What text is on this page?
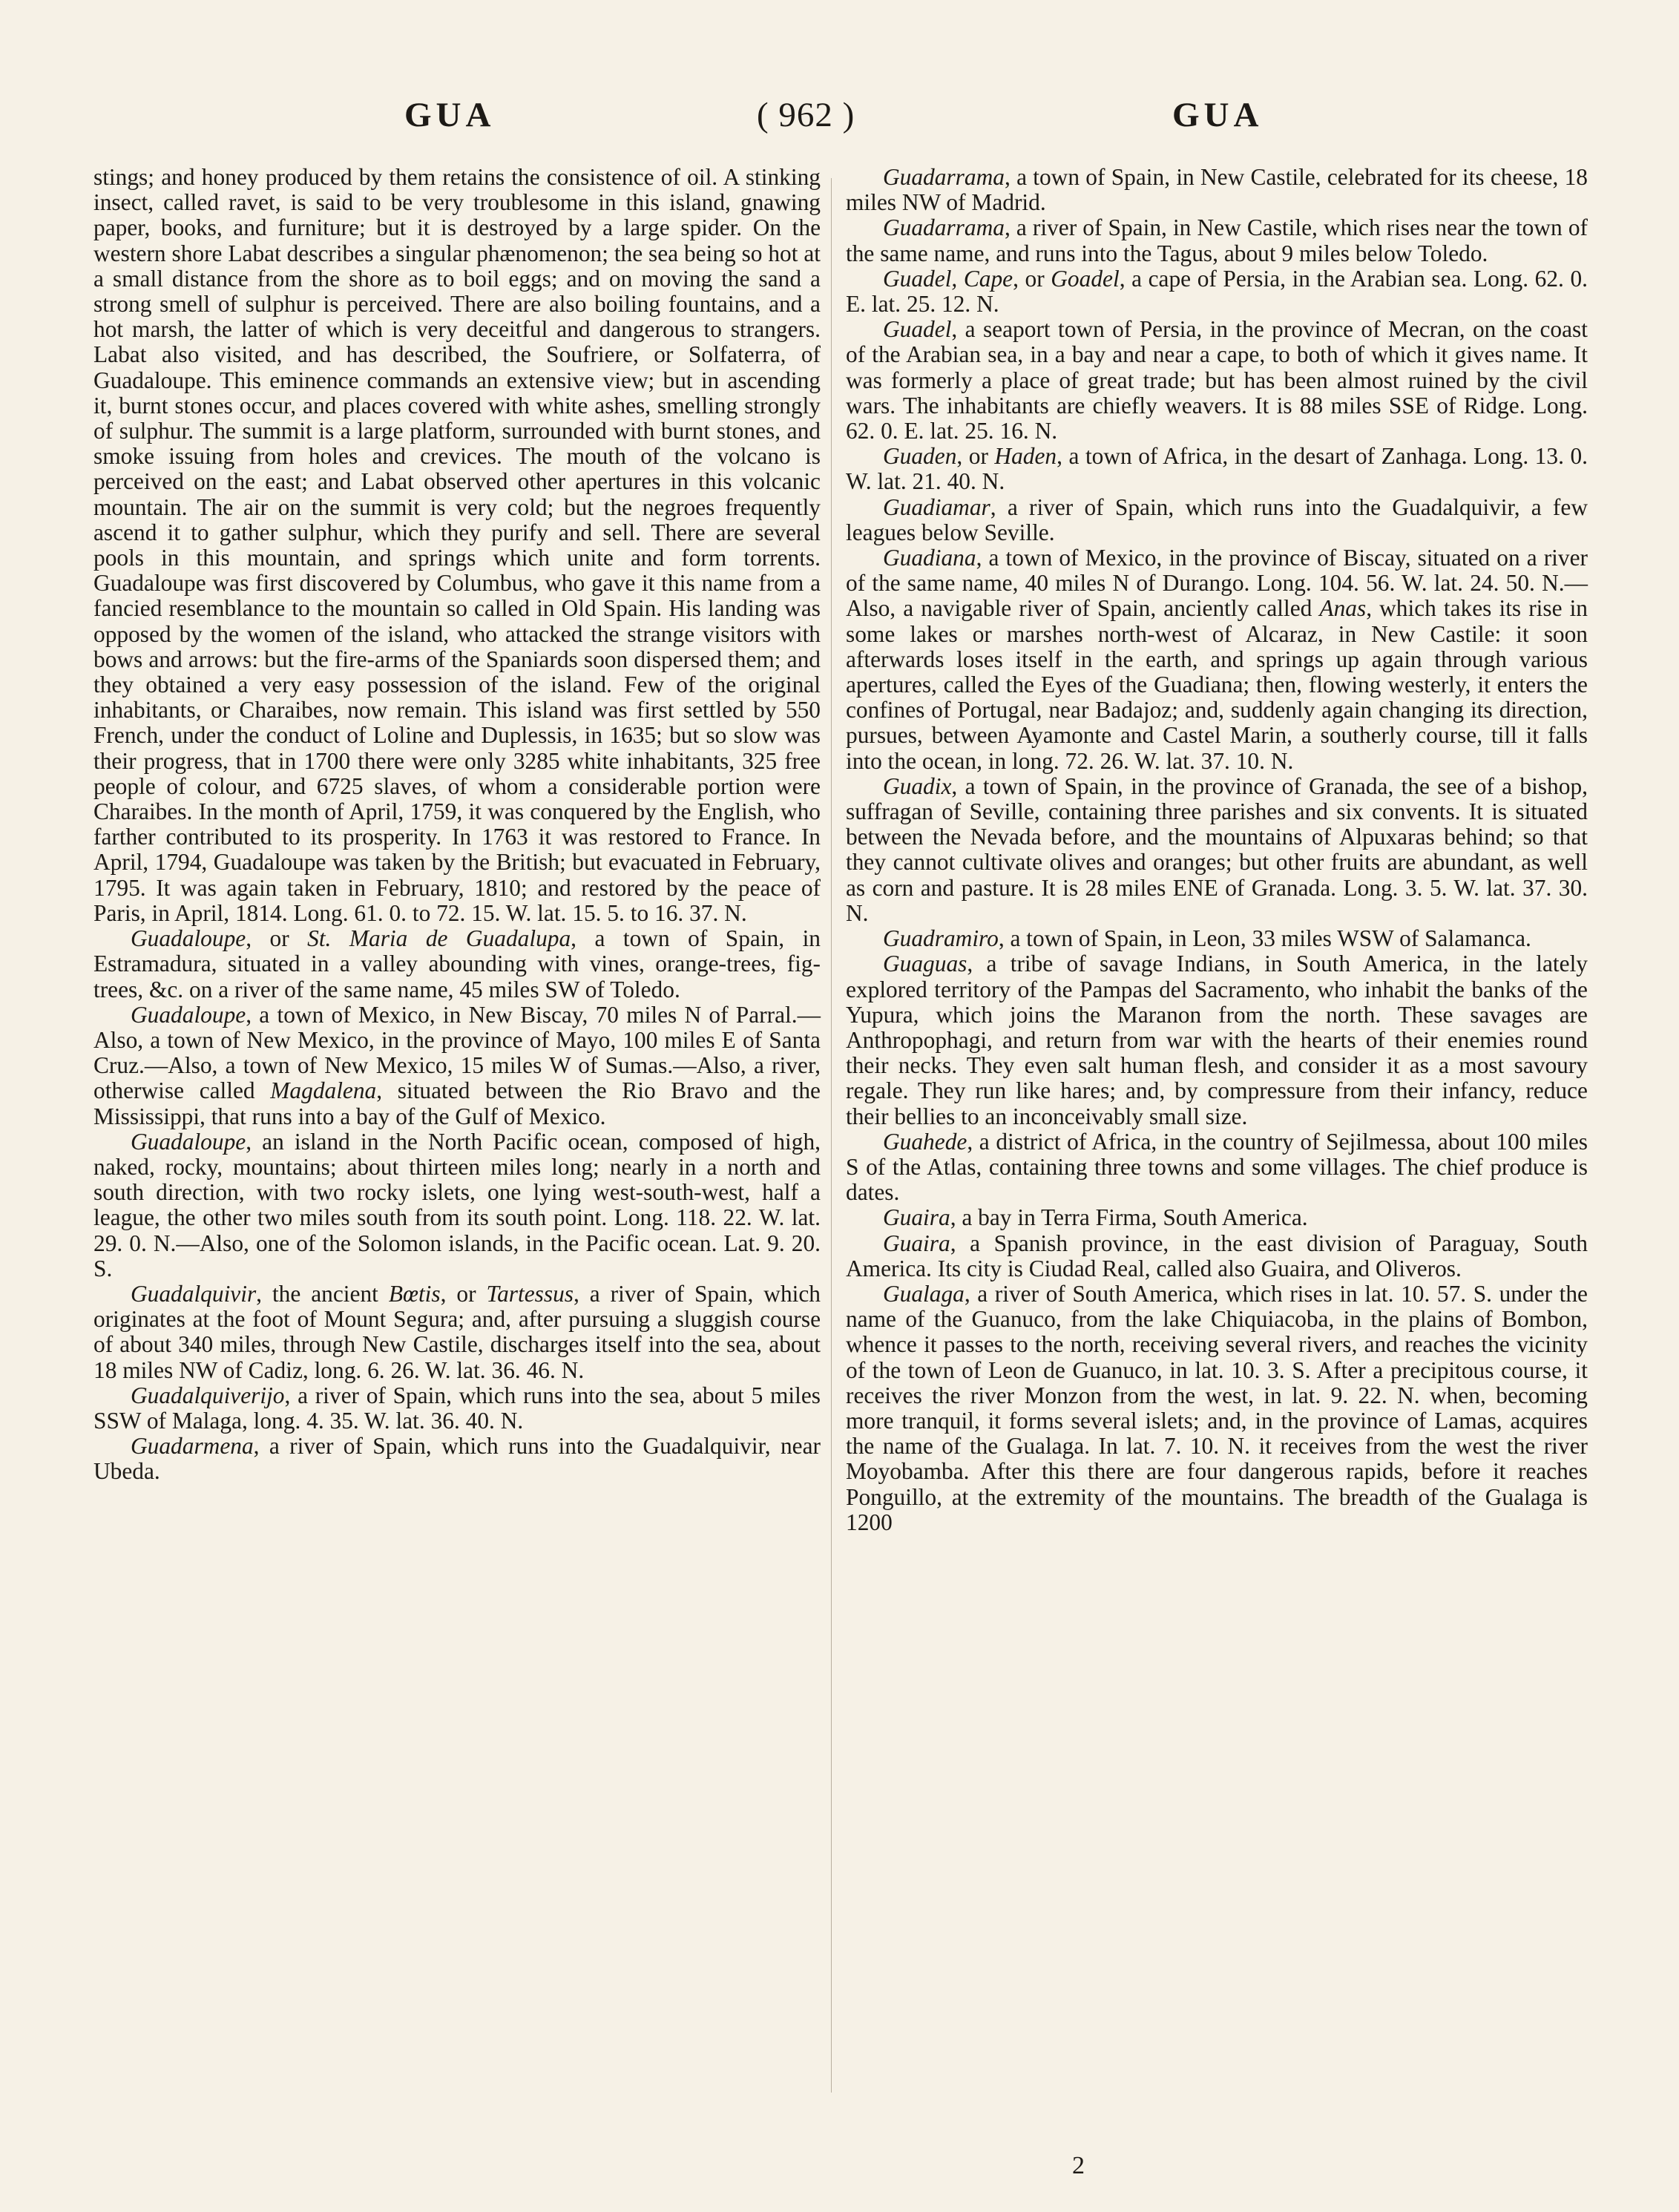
GUA	( 962 )	GUA

stings; and honey produced by them retains the consistence of oil. A stinking insect, called ravet, is said to be very troublesome in this island, gnawing paper, books, and furniture; but it is destroyed by a large spider. On the western shore Labat describes a singular phænomenon; the sea being so hot at a small distance from the shore as to boil eggs; and on moving the sand a strong smell of sulphur is perceived. There are also boiling fountains, and a hot marsh, the latter of which is very deceitful and dangerous to strangers. Labat also visited, and has described, the Soufriere, or Solfaterra, of Guadaloupe. This eminence commands an extensive view; but in ascending it, burnt stones occur, and places covered with white ashes, smelling strongly of sulphur. The summit is a large platform, surrounded with burnt stones, and smoke issuing from holes and crevices. The mouth of the volcano is perceived on the east; and Labat observed other apertures in this volcanic mountain. The air on the summit is very cold; but the negroes frequently ascend it to gather sulphur, which they purify and sell. There are several pools in this mountain, and springs which unite and form torrents. Guadaloupe was first discovered by Columbus, who gave it this name from a fancied resemblance to the mountain so called in Old Spain. His landing was opposed by the women of the island, who attacked the strange visitors with bows and arrows: but the fire-arms of the Spaniards soon dispersed them; and they obtained a very easy possession of the island. Few of the original inhabitants, or Charaibes, now remain. This island was first settled by 550 French, under the conduct of Loline and Duplessis, in 1635; but so slow was their progress, that in 1700 there were only 3285 white inhabitants, 325 free people of colour, and 6725 slaves, of whom a considerable portion were Charaibes. In the month of April, 1759, it was conquered by the English, who farther contributed to its prosperity. In 1763 it was restored to France. In April, 1794, Guadaloupe was taken by the British; but evacuated in February, 1795. It was again taken in February, 1810; and restored by the peace of Paris, in April, 1814. Long. 61. 0. to 72. 15. W. lat. 15. 5. to 16. 37. N.

Guadaloupe, or St. Maria de Guadalupa, a town of Spain, in Estramadura, situated in a valley abounding with vines, orange-trees, fig-trees, &c. on a river of the same name, 45 miles SW of Toledo.

Guadaloupe, a town of Mexico, in New Biscay, 70 miles N of Parral.—Also, a town of New Mexico, in the province of Mayo, 100 miles E of Santa Cruz.—Also, a town of New Mexico, 15 miles W of Sumas.—Also, a river, otherwise called Magdalena, situated between the Rio Bravo and the Mississippi, that runs into a bay of the Gulf of Mexico.

Guadaloupe, an island in the North Pacific ocean, composed of high, naked, rocky, mountains; about thirteen miles long; nearly in a north and south direction, with two rocky islets, one lying west-south-west, half a league, the other two miles south from its south point. Long. 118. 22. W. lat. 29. 0. N.—Also, one of the Solomon islands, in the Pacific ocean. Lat. 9. 20. S.

Guadalquivir, the ancient Bœtis, or Tartessus, a river of Spain, which originates at the foot of Mount Segura; and, after pursuing a sluggish course of about 340 miles, through New Castile, discharges itself into the sea, about 18 miles NW of Cadiz, long. 6. 26. W. lat. 36. 46. N.

Guadalquiverijo, a river of Spain, which runs into the sea, about 5 miles SSW of Malaga, long. 4. 35. W. lat. 36. 40. N.

Guadarmena, a river of Spain, which runs into the Guadalquivir, near Ubeda.

Guadarrama, a town of Spain, in New Castile, celebrated for its cheese, 18 miles NW of Madrid.

Guadarrama, a river of Spain, in New Castile, which rises near the town of the same name, and runs into the Tagus, about 9 miles below Toledo.

Guadel, Cape, or Goadel, a cape of Persia, in the Arabian sea. Long. 62. 0. E. lat. 25. 12. N.

Guadel, a seaport town of Persia, in the province of Mecran, on the coast of the Arabian sea, in a bay and near a cape, to both of which it gives name. It was formerly a place of great trade; but has been almost ruined by the civil wars. The inhabitants are chiefly weavers. It is 88 miles SSE of Ridge. Long. 62. 0. E. lat. 25. 16. N.

Guaden, or Haden, a town of Africa, in the desart of Zanhaga. Long. 13. 0. W. lat. 21. 40. N.

Guadiamar, a river of Spain, which runs into the Guadalquivir, a few leagues below Seville.

Guadiana, a town of Mexico, in the province of Biscay, situated on a river of the same name, 40 miles N of Durango. Long. 104. 56. W. lat. 24. 50. N.—Also, a navigable river of Spain, anciently called Anas, which takes its rise in some lakes or marshes north-west of Alcaraz, in New Castile: it soon afterwards loses itself in the earth, and springs up again through various apertures, called the Eyes of the Guadiana; then, flowing westerly, it enters the confines of Portugal, near Badajoz; and, suddenly again changing its direction, pursues, between Ayamonte and Castel Marin, a southerly course, till it falls into the ocean, in long. 72. 26. W. lat. 37. 10. N.

Guadix, a town of Spain, in the province of Granada, the see of a bishop, suffragan of Seville, containing three parishes and six convents. It is situated between the Nevada before, and the mountains of Alpuxaras behind; so that they cannot cultivate olives and oranges; but other fruits are abundant, as well as corn and pasture. It is 28 miles ENE of Granada. Long. 3. 5. W. lat. 37. 30. N.

Guadramiro, a town of Spain, in Leon, 33 miles WSW of Salamanca.

Guaguas, a tribe of savage Indians, in South America, in the lately explored territory of the Pampas del Sacramento, who inhabit the banks of the Yupura, which joins the Maranon from the north. These savages are Anthropophagi, and return from war with the hearts of their enemies round their necks. They even salt human flesh, and consider it as a most savoury regale. They run like hares; and, by compressure from their infancy, reduce their bellies to an inconceivably small size.

Guahede, a district of Africa, in the country of Sejilmessa, about 100 miles S of the Atlas, containing three towns and some villages. The chief produce is dates.

Guaira, a bay in Terra Firma, South America.

Guaira, a Spanish province, in the east division of Paraguay, South America. Its city is Ciudad Real, called also Guaira, and Oliveros.

Gualaga, a river of South America, which rises in lat. 10. 57. S. under the name of the Guanuco, from the lake Chiquiacoba, in the plains of Bombon, whence it passes to the north, receiving several rivers, and reaches the vicinity of the town of Leon de Guanuco, in lat. 10. 3. S. After a precipitous course, it receives the river Monzon from the west, in lat. 9. 22. N. when, becoming more tranquil, it forms several islets; and, in the province of Lamas, acquires the name of the Gualaga. In lat. 7. 10. N. it receives from the west the river Moyobamba. After this there are four dangerous rapids, before it reaches Ponguillo, at the extremity of the mountains. The breadth of the Gualaga is 1200

2
